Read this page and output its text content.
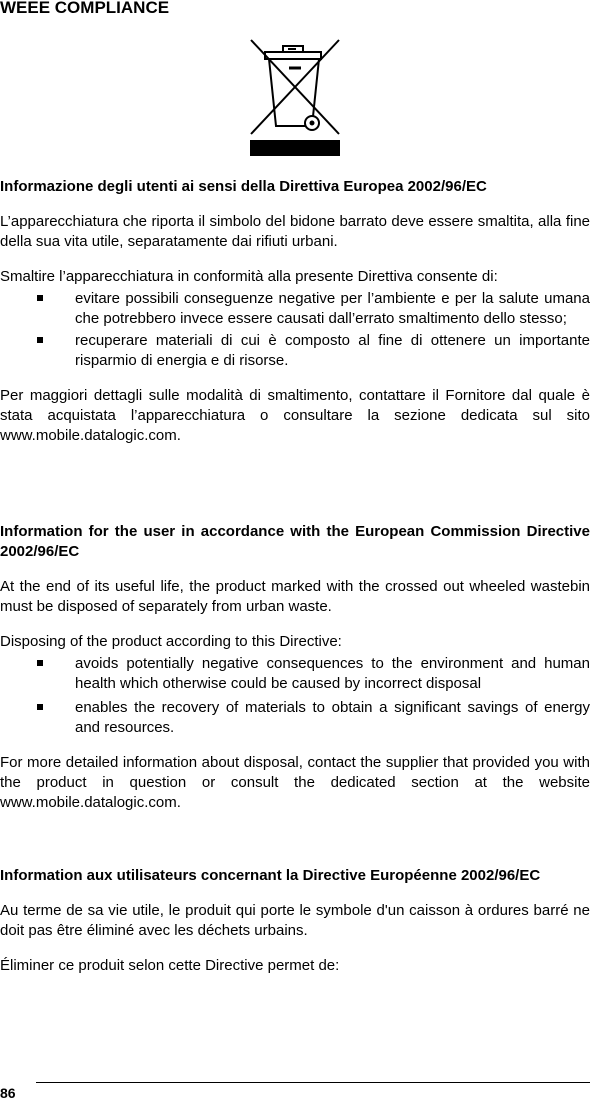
WEEE COMPLIANCE
Informazione degli utenti ai sensi della Direttiva Europea 2002/96/EC
L’apparecchiatura che riporta il simbolo del bidone barrato deve essere smaltita, alla fine della sua vita utile, separatamente dai rifiuti urbani.
Smaltire l’apparecchiatura in conformità alla presente Direttiva consente di:
evitare possibili conseguenze negative per l’ambiente e per la salute umana che potrebbero invece essere causati dall’errato smaltimento dello stesso;
recuperare materiali di cui è composto al fine di ottenere un importante risparmio di energia e di risorse.
Per maggiori dettagli sulle modalità di smaltimento, contattare il Fornitore dal quale è stata acquistata l’apparecchiatura o consultare la sezione dedicata sul sito www.mobile.datalogic.com.
Information for the user in accordance with the European Commission Directive 2002/96/EC
At the end of its useful life, the product marked with the crossed out wheeled wastebin must be disposed of separately from urban waste.
Disposing of the product according to this Directive:
avoids potentially negative consequences to the environment and human health which otherwise could be caused by incorrect disposal
enables the recovery of materials to obtain a significant savings of energy and resources.
For more detailed information about disposal, contact the supplier that provided you with the product in question or consult the dedicated section at the website www.mobile.datalogic.com.
Information aux utilisateurs concernant la Directive Européenne 2002/96/EC
Au terme de sa vie utile, le produit qui porte le symbole d'un caisson à ordures barré ne doit pas être éliminé avec les déchets urbains.
Éliminer ce produit selon cette Directive permet de:
86
